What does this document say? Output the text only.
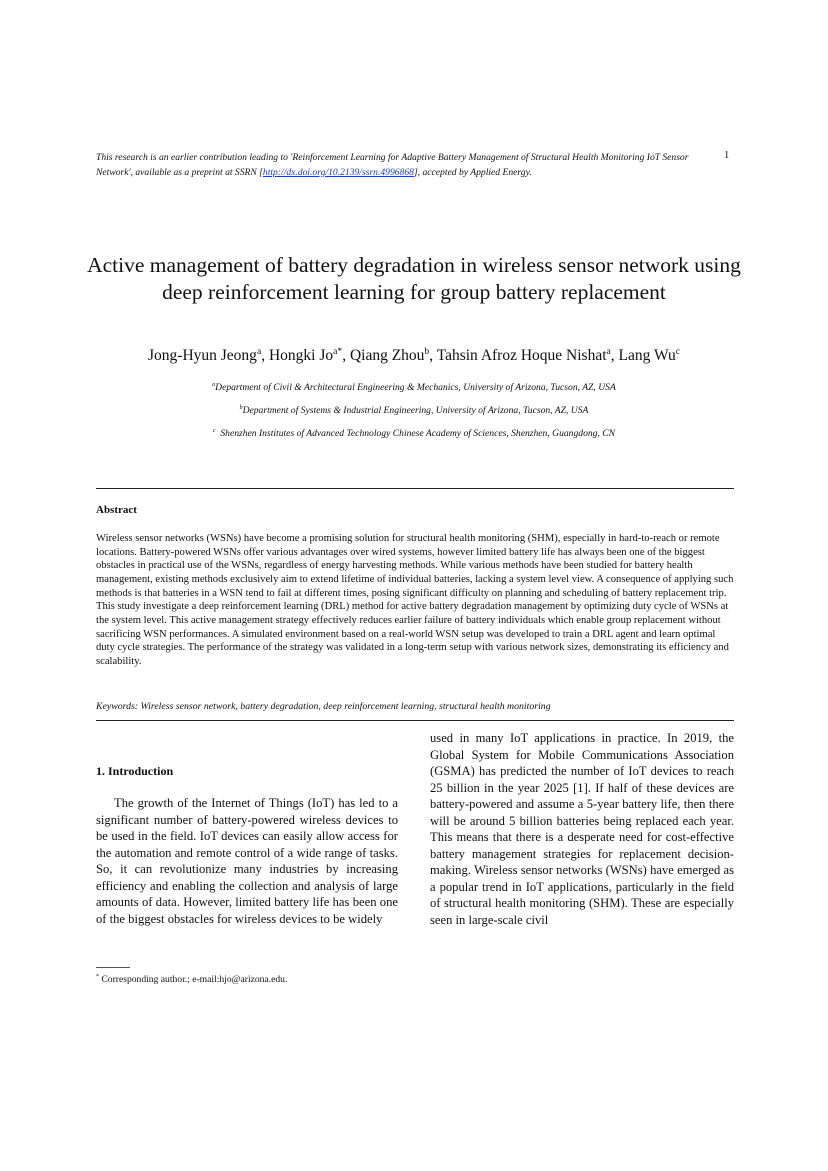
This research is an earlier contribution leading to 'Reinforcement Learning for Adaptive Battery Management of Structural Health Monitoring IoT Sensor Network', available as a preprint at SSRN [http://dx.doi.org/10.2139/ssrn.4996868], accepted by Applied Energy.
1
Active management of battery degradation in wireless sensor network using deep reinforcement learning for group battery replacement
Jong-Hyun Jeong$^a$, Hongki $Jo^{a*}$, Qiang Zhou$^b$, Tahsin Afroz Hoque Nishat$^a$, Lang Wu$^c$
$^a$Department of Civil & Architectural Engineering & Mechanics, University of Arizona, Tucson, AZ, USA
$^b$Department of Systems & Industrial Engineering, University of Arizona, Tucson, AZ, USA
$^c$ Shenzhen Institutes of Advanced Technology Chinese Academy of Sciences, Shenzhen, Guangdong, CN
Abstract
Wireless sensor networks (WSNs) have become a promising solution for structural health monitoring (SHM), especially in hard-to-reach or remote locations. Battery-powered WSNs offer various advantages over wired systems, however limited battery life has always been one of the biggest obstacles in practical use of the WSNs, regardless of energy harvesting methods. While various methods have been studied for battery health management, existing methods exclusively aim to extend lifetime of individual batteries, lacking a system level view. A consequence of applying such methods is that batteries in a WSN tend to fail at different times, posing significant difficulty on planning and scheduling of battery replacement trip. This study investigate a deep reinforcement learning (DRL) method for active battery degradation management by optimizing duty cycle of WSNs at the system level. This active management strategy effectively reduces earlier failure of battery individuals which enable group replacement without sacrificing WSN performances. A simulated environment based on a real-world WSN setup was developed to train a DRL agent and learn optimal duty cycle strategies. The performance of the strategy was validated in a long-term setup with various network sizes, demonstrating its efficiency and scalability.
Keywords: Wireless sensor network, battery degradation, deep reinforcement learning, structural health monitoring
1. Introduction
The growth of the Internet of Things (IoT) has led to a significant number of battery-powered wireless devices to be used in the field. IoT devices can easily allow access for the automation and remote control of a wide range of tasks. So, it can revolutionize many industries by increasing efficiency and enabling the collection and analysis of large amounts of data. However, limited battery life has been one of the biggest obstacles for wireless devices to be widely
used in many IoT applications in practice. In 2019, the Global System for Mobile Communications Association (GSMA) has predicted the number of IoT devices to reach 25 billion in the year 2025 [1]. If half of these devices are battery-powered and assume a 5-year battery life, then there will be around 5 billion batteries being replaced each year. This means that there is a desperate need for cost-effective battery management strategies for replacement decision-making. Wireless sensor networks (WSNs) have emerged as a popular trend in IoT applications, particularly in the field of structural health monitoring (SHM). These are especially seen in large-scale civil
* Corresponding author.; e-mail:hjo@arizona.edu.
